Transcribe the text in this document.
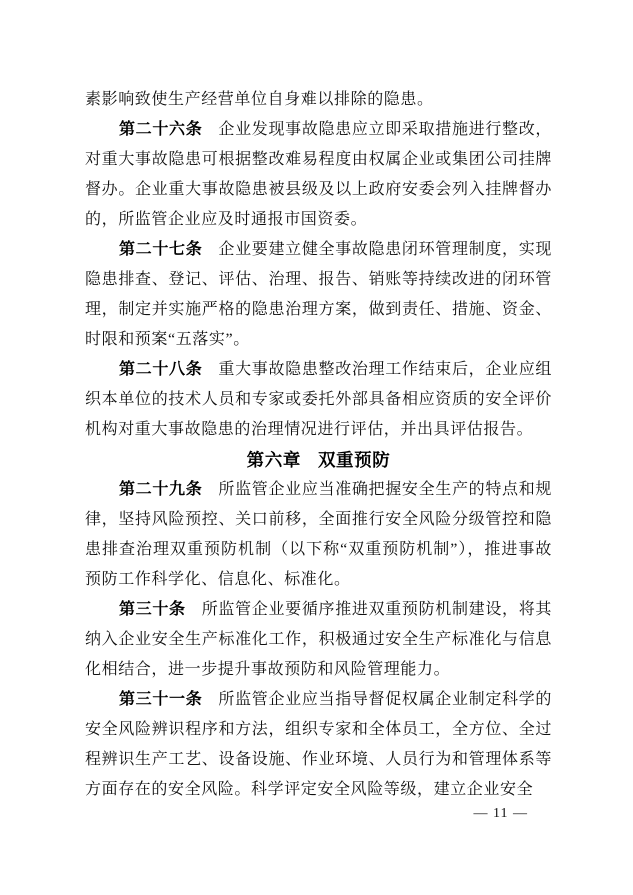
素影响致使生产经营单位自身难以排除的隐患。

第二十六条 企业发现事故隐患应立即采取措施进行整改，对重大事故隐患可根据整改难易程度由权属企业或集团公司挂牌督办。企业重大事故隐患被县级及以上政府安委会列入挂牌督办的，所监管企业应及时通报市国资委。

第二十七条 企业要建立健全事故隐患闭环管理制度，实现隐患排查、登记、评估、治理、报告、销账等持续改进的闭环管理，制定并实施严格的隐患治理方案，做到责任、措施、资金、时限和预案“五落实”。

第二十八条 重大事故隐患整改治理工作结束后，企业应组织本单位的技术人员和专家或委托外部具备相应资质的安全评价机构对重大事故隐患的治理情况进行评估，并出具评估报告。

第六章 双重预防

第二十九条 所监管企业应当准确把握安全生产的特点和规律，坚持风险预控、关口前移，全面推行安全风险分级管控和隐患排查治理双重预防机制（以下称“双重预防机制”），推进事故预防工作科学化、信息化、标准化。

第三十条 所监管企业要循序推进双重预防机制建设，将其纳入企业安全生产标准化工作，积极通过安全生产标准化与信息化相结合，进一步提升事故预防和风险管理能力。

第三十一条 所监管企业应当指导督促权属企业制定科学的安全风险辨识程序和方法，组织专家和全体员工，全方位、全过程辨识生产工艺、设备设施、作业环境、人员行为和管理体系等方面存在的安全风险。科学评定安全风险等级，建立企业安全

— 11 —
